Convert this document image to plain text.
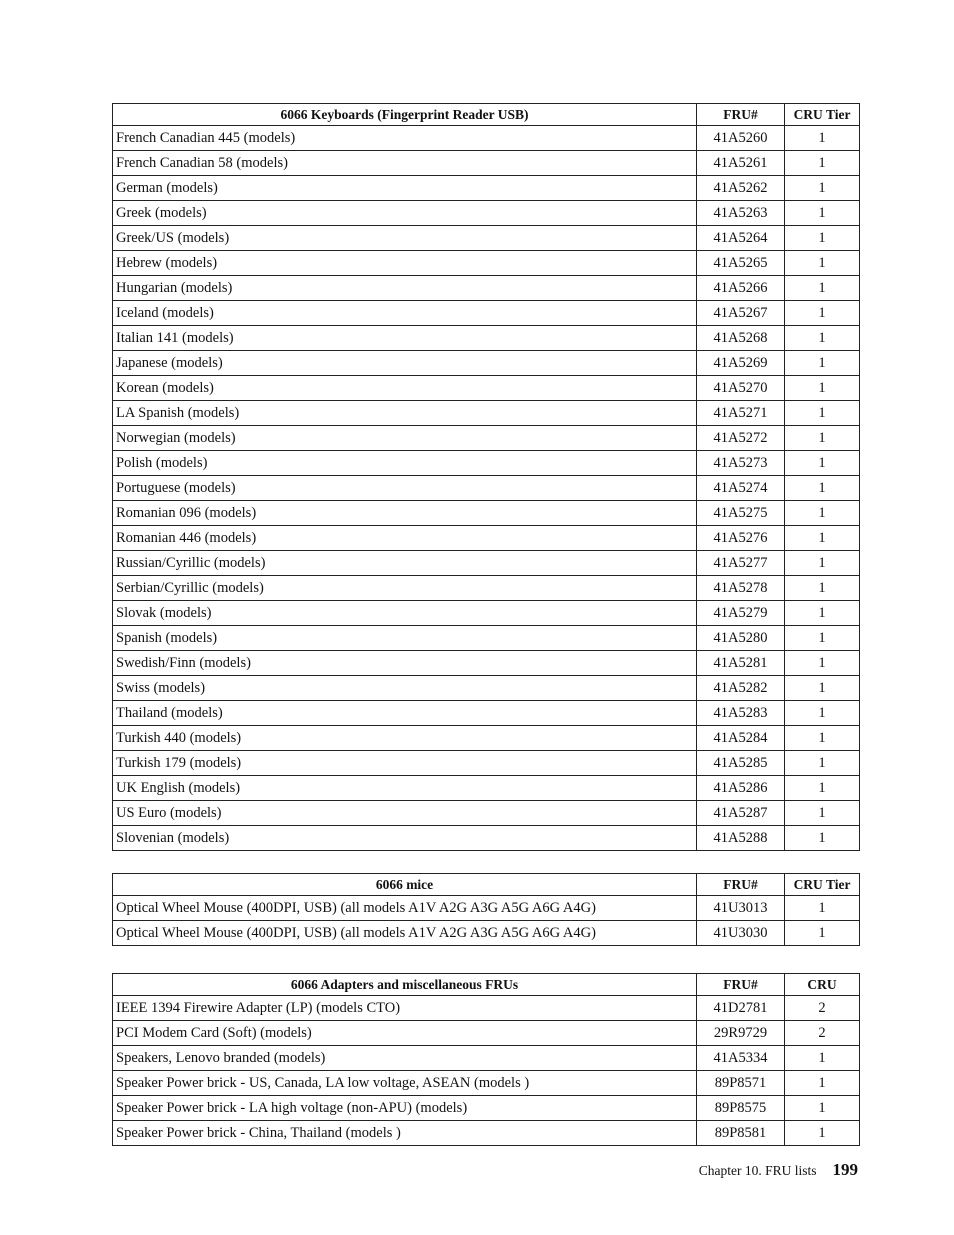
6066 Keyboards (Fingerprint Reader USB)	FRU#	CRU Tier
French Canadian 445 (models)	41A5260	1
French Canadian 58 (models)	41A5261	1
German (models)	41A5262	1
Greek (models)	41A5263	1
Greek/US (models)	41A5264	1
Hebrew (models)	41A5265	1
Hungarian (models)	41A5266	1
Iceland (models)	41A5267	1
Italian 141 (models)	41A5268	1
Japanese (models)	41A5269	1
Korean (models)	41A5270	1
LA Spanish (models)	41A5271	1
Norwegian (models)	41A5272	1
Polish (models)	41A5273	1
Portuguese (models)	41A5274	1
Romanian 096 (models)	41A5275	1
Romanian 446 (models)	41A5276	1
Russian/Cyrillic (models)	41A5277	1
Serbian/Cyrillic (models)	41A5278	1
Slovak (models)	41A5279	1
Spanish (models)	41A5280	1
Swedish/Finn (models)	41A5281	1
Swiss (models)	41A5282	1
Thailand (models)	41A5283	1
Turkish 440 (models)	41A5284	1
Turkish 179 (models)	41A5285	1
UK English (models)	41A5286	1
US Euro (models)	41A5287	1
Slovenian (models)	41A5288	1
6066 mice	FRU#	CRU Tier
Optical Wheel Mouse (400DPI, USB) (all models A1V A2G A3G A5G A6G A4G)	41U3013	1
Optical Wheel Mouse (400DPI, USB) (all models A1V A2G A3G A5G A6G A4G)	41U3030	1
6066 Adapters and miscellaneous FRUs	FRU#	CRU
IEEE 1394 Firewire Adapter (LP) (models CTO)	41D2781	2
PCI Modem Card (Soft) (models)	29R9729	2
Speakers, Lenovo branded (models)	41A5334	1
Speaker Power brick - US, Canada, LA low voltage, ASEAN (models )	89P8571	1
Speaker Power brick - LA high voltage (non-APU) (models)	89P8575	1
Speaker Power brick - China, Thailand (models )	89P8581	1
Chapter 10. FRU lists 199
